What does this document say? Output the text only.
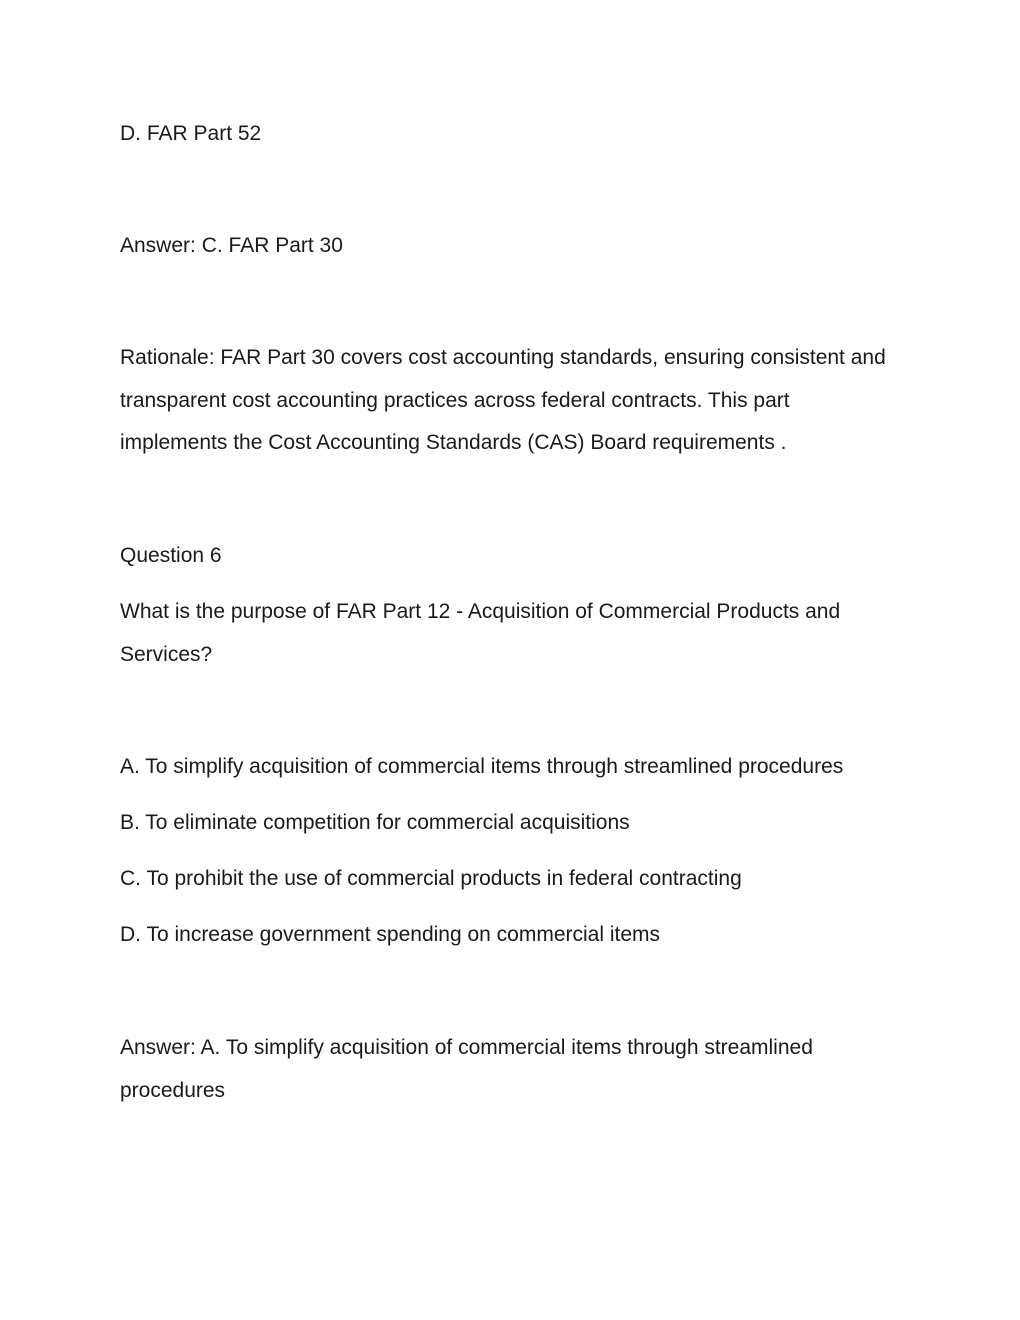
D. FAR Part 52

Answer: C. FAR Part 30

Rationale: FAR Part 30 covers cost accounting standards, ensuring consistent and transparent cost accounting practices across federal contracts. This part implements the Cost Accounting Standards (CAS) Board requirements .

Question 6

What is the purpose of FAR Part 12 - Acquisition of Commercial Products and Services?

A. To simplify acquisition of commercial items through streamlined procedures

B. To eliminate competition for commercial acquisitions

C. To prohibit the use of commercial products in federal contracting

D. To increase government spending on commercial items

Answer: A. To simplify acquisition of commercial items through streamlined procedures
